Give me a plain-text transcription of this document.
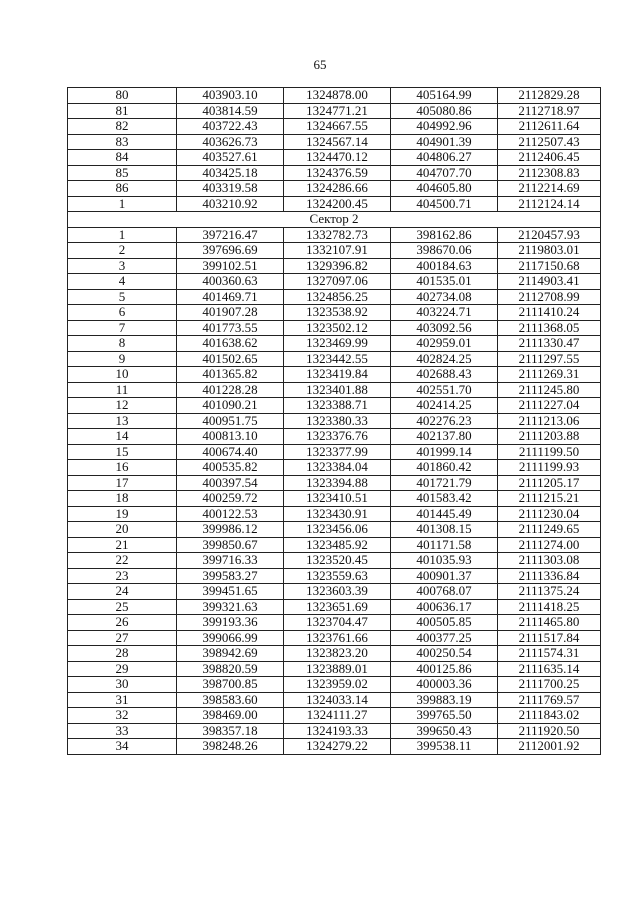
65
80	403903.10	1324878.00	405164.99	2112829.28
81	403814.59	1324771.21	405080.86	2112718.97
82	403722.43	1324667.55	404992.96	2112611.64
83	403626.73	1324567.14	404901.39	2112507.43
84	403527.61	1324470.12	404806.27	2112406.45
85	403425.18	1324376.59	404707.70	2112308.83
86	403319.58	1324286.66	404605.80	2112214.69
1	403210.92	1324200.45	404500.71	2112124.14
Сектор 2				
1	397216.47	1332782.73	398162.86	2120457.93
2	397696.69	1332107.91	398670.06	2119803.01
3	399102.51	1329396.82	400184.63	2117150.68
4	400360.63	1327097.06	401535.01	2114903.41
5	401469.71	1324856.25	402734.08	2112708.99
6	401907.28	1323538.92	403224.71	2111410.24
7	401773.55	1323502.12	403092.56	2111368.05
8	401638.62	1323469.99	402959.01	2111330.47
9	401502.65	1323442.55	402824.25	2111297.55
10	401365.82	1323419.84	402688.43	2111269.31
11	401228.28	1323401.88	402551.70	2111245.80
12	401090.21	1323388.71	402414.25	2111227.04
13	400951.75	1323380.33	402276.23	2111213.06
14	400813.10	1323376.76	402137.80	2111203.88
15	400674.40	1323377.99	401999.14	2111199.50
16	400535.82	1323384.04	401860.42	2111199.93
17	400397.54	1323394.88	401721.79	2111205.17
18	400259.72	1323410.51	401583.42	2111215.21
19	400122.53	1323430.91	401445.49	2111230.04
20	399986.12	1323456.06	401308.15	2111249.65
21	399850.67	1323485.92	401171.58	2111274.00
22	399716.33	1323520.45	401035.93	2111303.08
23	399583.27	1323559.63	400901.37	2111336.84
24	399451.65	1323603.39	400768.07	2111375.24
25	399321.63	1323651.69	400636.17	2111418.25
26	399193.36	1323704.47	400505.85	2111465.80
27	399066.99	1323761.66	400377.25	2111517.84
28	398942.69	1323823.20	400250.54	2111574.31
29	398820.59	1323889.01	400125.86	2111635.14
30	398700.85	1323959.02	400003.36	2111700.25
31	398583.60	1324033.14	399883.19	2111769.57
32	398469.00	1324111.27	399765.50	2111843.02
33	398357.18	1324193.33	399650.43	2111920.50
34	398248.26	1324279.22	399538.11	2112001.92
